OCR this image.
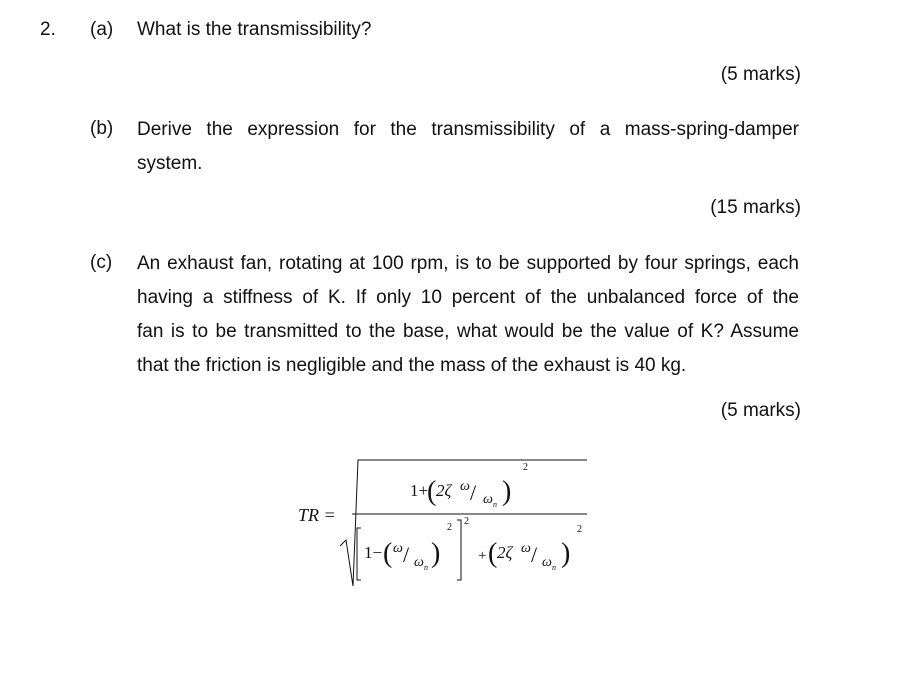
2. (a) What is the transmissibility?
(5 marks)
(b) Derive the expression for the transmissibility of a mass-spring-damper
system.
(15 marks)
(c) An exhaust fan, rotating at 100 rpm, is to be supported by four springs, each
having a stiffness of K. If only 10 percent of the unbalanced force of the
fan is to be transmitted to the base, what would be the value of K? Assume
that the friction is negligible and the mass of the exhaust is 40 kg.
(5 marks)
TR =
1+
( 2ζ ω / ω n )
2
1− ( ω / ω n )
2
2
+ ( 2ζ ω / ω n )
2
